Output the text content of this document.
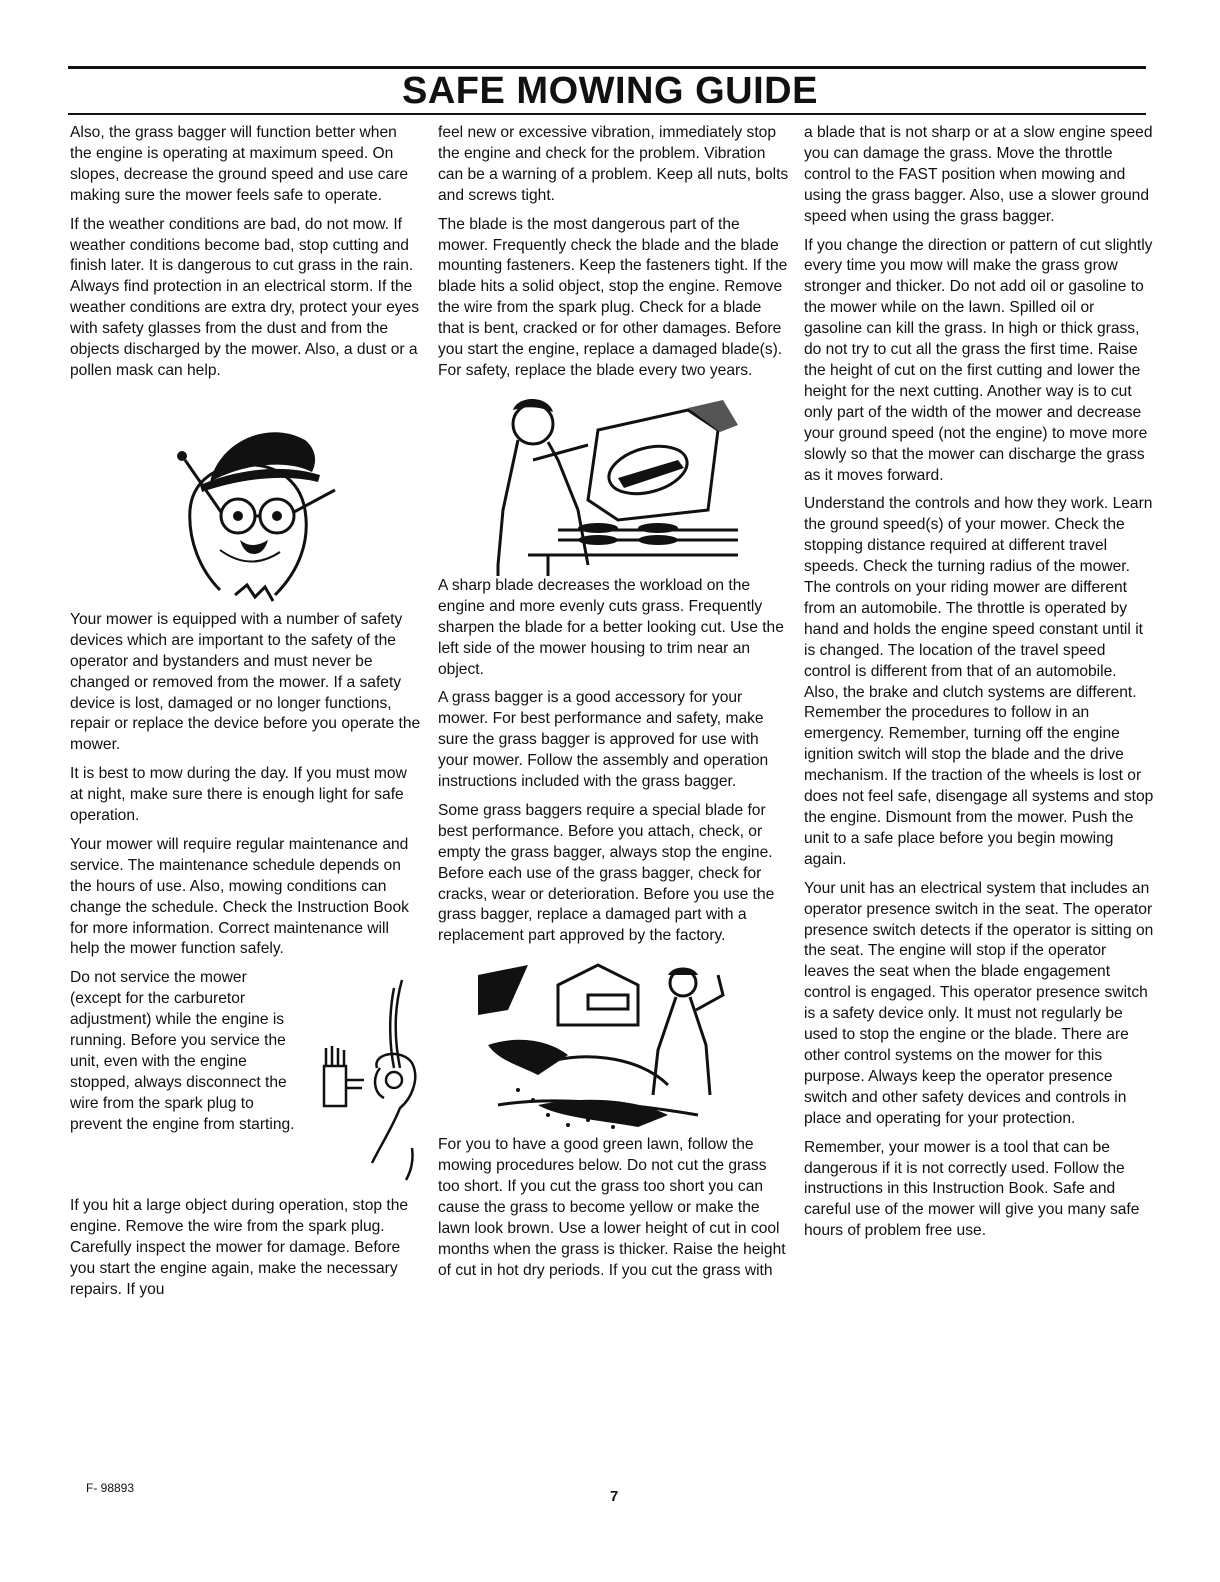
SAFE MOWING GUIDE

Also, the grass bagger will function better when the engine is operating at maximum speed. On slopes, decrease the ground speed and use care making sure the mower feels safe to operate.

If the weather conditions are bad, do not mow. If weather conditions become bad, stop cutting and finish later. It is dangerous to cut grass in the rain. Always find protection in an electrical storm. If the weather conditions are extra dry, protect your eyes with safety glasses from the dust and from the objects discharged by the mower. Also, a dust or a pollen mask can help.

Your mower is equipped with a number of safety devices which are important to the safety of the operator and bystanders and must never be changed or removed from the mower. If a safety device is lost, damaged or no longer functions, repair or replace the device before you operate the mower.

It is best to mow during the day. If you must mow at night, make sure there is enough light for safe operation.

Your mower will require regular maintenance and service. The maintenance schedule depends on the hours of use. Also, mowing conditions can change the schedule. Check the Instruction Book for more information. Correct maintenance will help the mower function safely.

Do not service the mower (except for the carburetor adjustment) while the engine is running. Before you service the unit, even with the engine stopped, always disconnect the wire from the spark plug to prevent the engine from starting.

If you hit a large object during operation, stop the engine. Remove the wire from the spark plug. Carefully inspect the mower for damage. Before you start the engine again, make the necessary repairs. If you

feel new or excessive vibration, immediately stop the engine and check for the problem. Vibration can be a warning of a problem. Keep all nuts, bolts and screws tight.

The blade is the most dangerous part of the mower. Frequently check the blade and the blade mounting fasteners. Keep the fasteners tight. If the blade hits a solid object, stop the engine. Remove the wire from the spark plug. Check for a blade that is bent, cracked or for other damages. Before you start the engine, replace a damaged blade(s). For safety, replace the blade every two years.

A sharp blade decreases the workload on the engine and more evenly cuts grass. Frequently sharpen the blade for a better looking cut. Use the left side of the mower housing to trim near an object.

A grass bagger is a good accessory for your mower. For best performance and safety, make sure the grass bagger is approved for use with your mower. Follow the assembly and operation instructions included with the grass bagger.

Some grass baggers require a special blade for best performance. Before you attach, check, or empty the grass bagger, always stop the engine. Before each use of the grass bagger, check for cracks, wear or deterioration. Before you use the grass bagger, replace a damaged part with a replacement part approved by the factory.

For you to have a good green lawn, follow the mowing procedures below. Do not cut the grass too short. If you cut the grass too short you can cause the grass to become yellow or make the lawn look brown. Use a lower height of cut in cool months when the grass is thicker. Raise the height of cut in hot dry periods. If you cut the grass with

a blade that is not sharp or at a slow engine speed you can damage the grass. Move the throttle control to the FAST position when mowing and using the grass bagger. Also, use a slower ground speed when using the grass bagger.

If you change the direction or pattern of cut slightly every time you mow will make the grass grow stronger and thicker. Do not add oil or gasoline to the mower while on the lawn. Spilled oil or gasoline can kill the grass. In high or thick grass, do not try to cut all the grass the first time. Raise the height of cut on the first cutting and lower the height for the next cutting. Another way is to cut only part of the width of the mower and decrease your ground speed (not the engine) to move more slowly so that the mower can discharge the grass as it moves forward.

Understand the controls and how they work. Learn the ground speed(s) of your mower. Check the stopping distance required at different travel speeds. Check the turning radius of the mower. The controls on your riding mower are different from an automobile. The throttle is operated by hand and holds the engine speed constant until it is changed. The location of the travel speed control is different from that of an automobile. Also, the brake and clutch systems are different. Remember the procedures to follow in an emergency. Remember, turning off the engine ignition switch will stop the blade and the drive mechanism. If the traction of the wheels is lost or does not feel safe, disengage all systems and stop the engine. Dismount from the mower. Push the unit to a safe place before you begin mowing again.

Your unit has an electrical system that includes an operator presence switch in the seat. The operator presence switch detects if the operator is sitting on the seat. The engine will stop if the operator leaves the seat when the blade engagement control is engaged. This operator presence switch is a safety device only. It must not regularly be used to stop the engine or the blade. There are other control systems on the mower for this purpose. Always keep the operator presence switch and other safety devices and controls in place and operating for your protection.

Remember, your mower is a tool that can be dangerous if it is not correctly used. Follow the instructions in this Instruction Book. Safe and careful use of the mower will give you many safe hours of problem free use.

F- 98893	7
